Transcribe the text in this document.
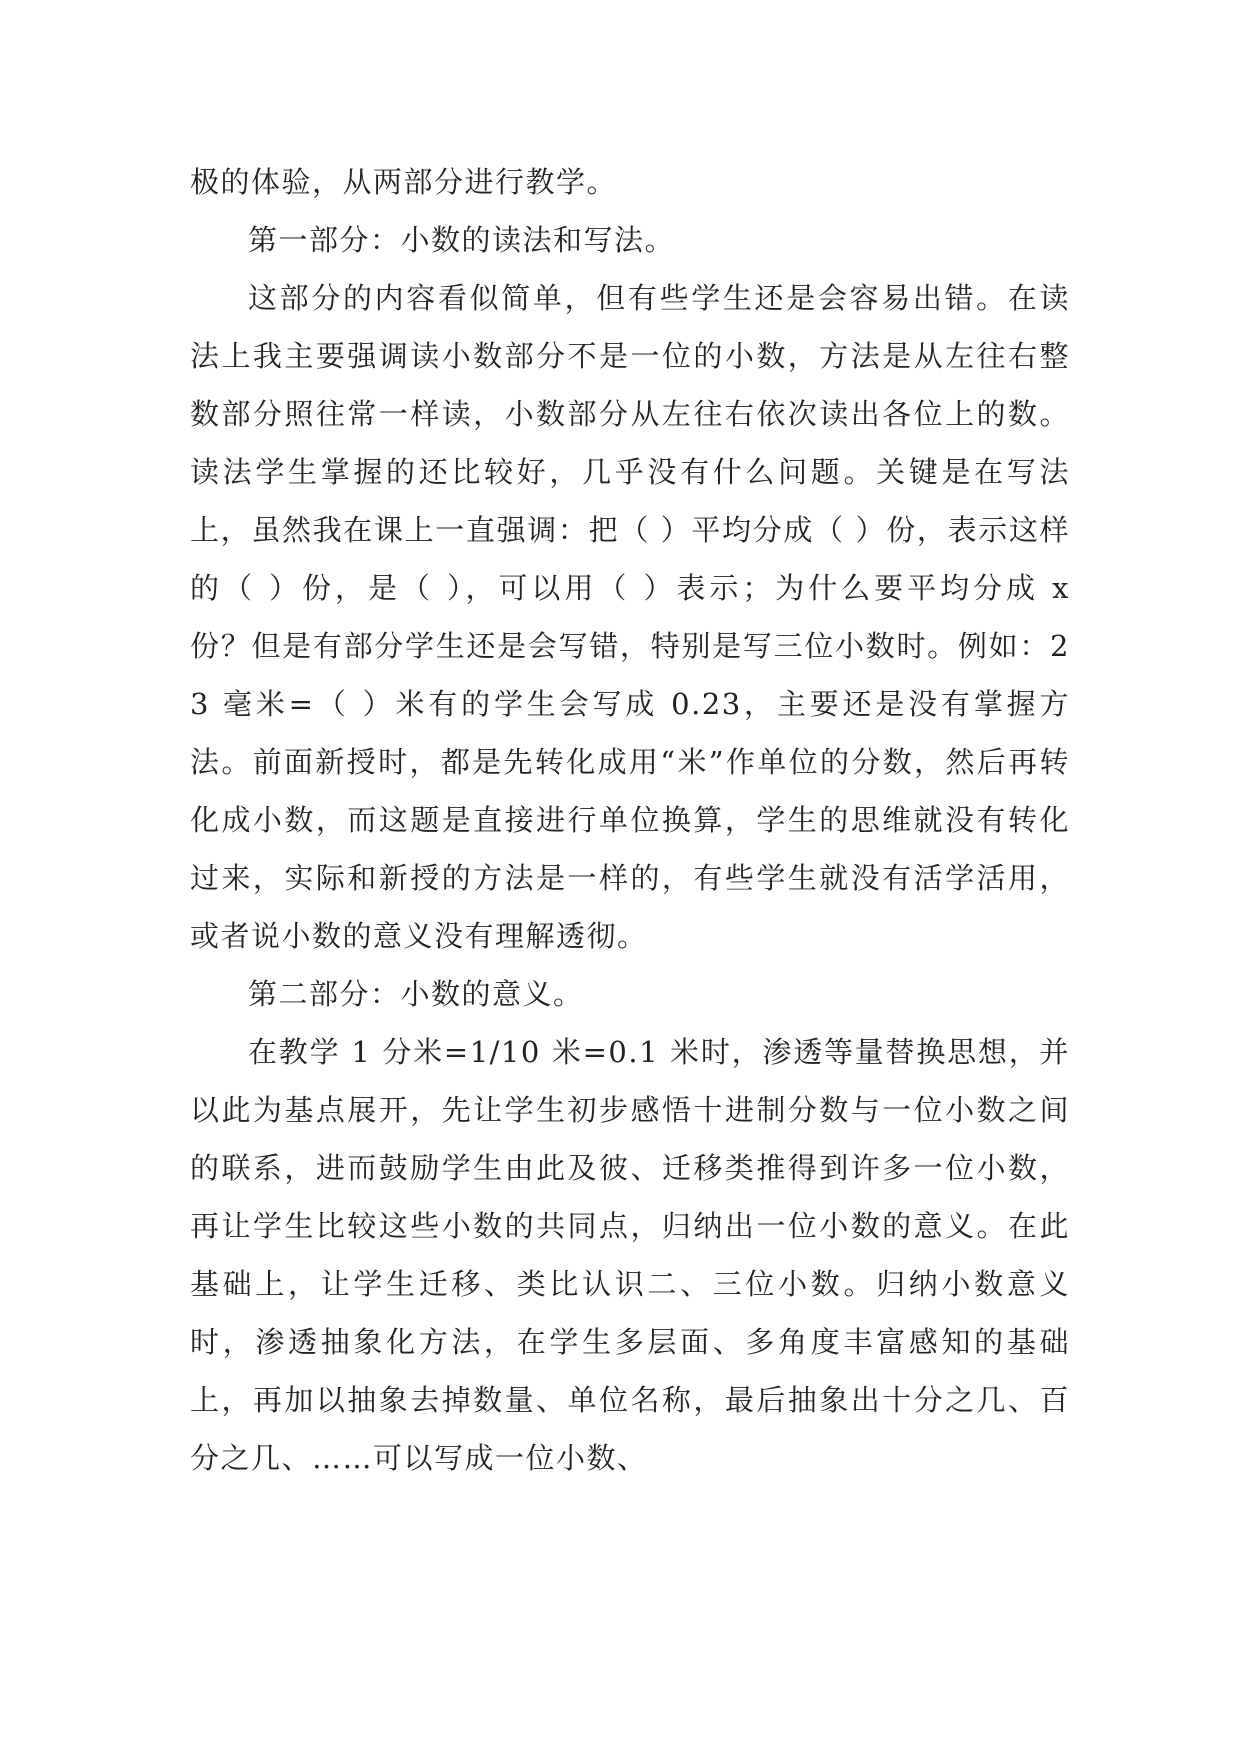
极的体验，从两部分进行教学。

第一部分：小数的读法和写法。

这部分的内容看似简单，但有些学生还是会容易出错。在读法上我主要强调读小数部分不是一位的小数，方法是从左往右整数部分照往常一样读，小数部分从左往右依次读出各位上的数。读法学生掌握的还比较好，几乎没有什么问题。关键是在写法上，虽然我在课上一直强调：把（ ）平均分成（ ）份，表示这样的（ ）份，是（ ），可以用（ ）表示；为什么要平均分成 x 份？但是有部分学生还是会写错，特别是写三位小数时。例如：23 毫米=（ ）米有的学生会写成 0.23，主要还是没有掌握方法。前面新授时，都是先转化成用“米”作单位的分数，然后再转化成小数，而这题是直接进行单位换算，学生的思维就没有转化过来，实际和新授的方法是一样的，有些学生就没有活学活用，或者说小数的意义没有理解透彻。

第二部分：小数的意义。

在教学 1 分米=1/10 米=0.1 米时，渗透等量替换思想，并以此为基点展开，先让学生初步感悟十进制分数与一位小数之间的联系，进而鼓励学生由此及彼、迁移类推得到许多一位小数，再让学生比较这些小数的共同点，归纳出一位小数的意义。在此基础上，让学生迁移、类比认识二、三位小数。归纳小数意义时，渗透抽象化方法，在学生多层面、多角度丰富感知的基础上，再加以抽象去掉数量、单位名称，最后抽象出十分之几、百分之几、……可以写成一位小数、
